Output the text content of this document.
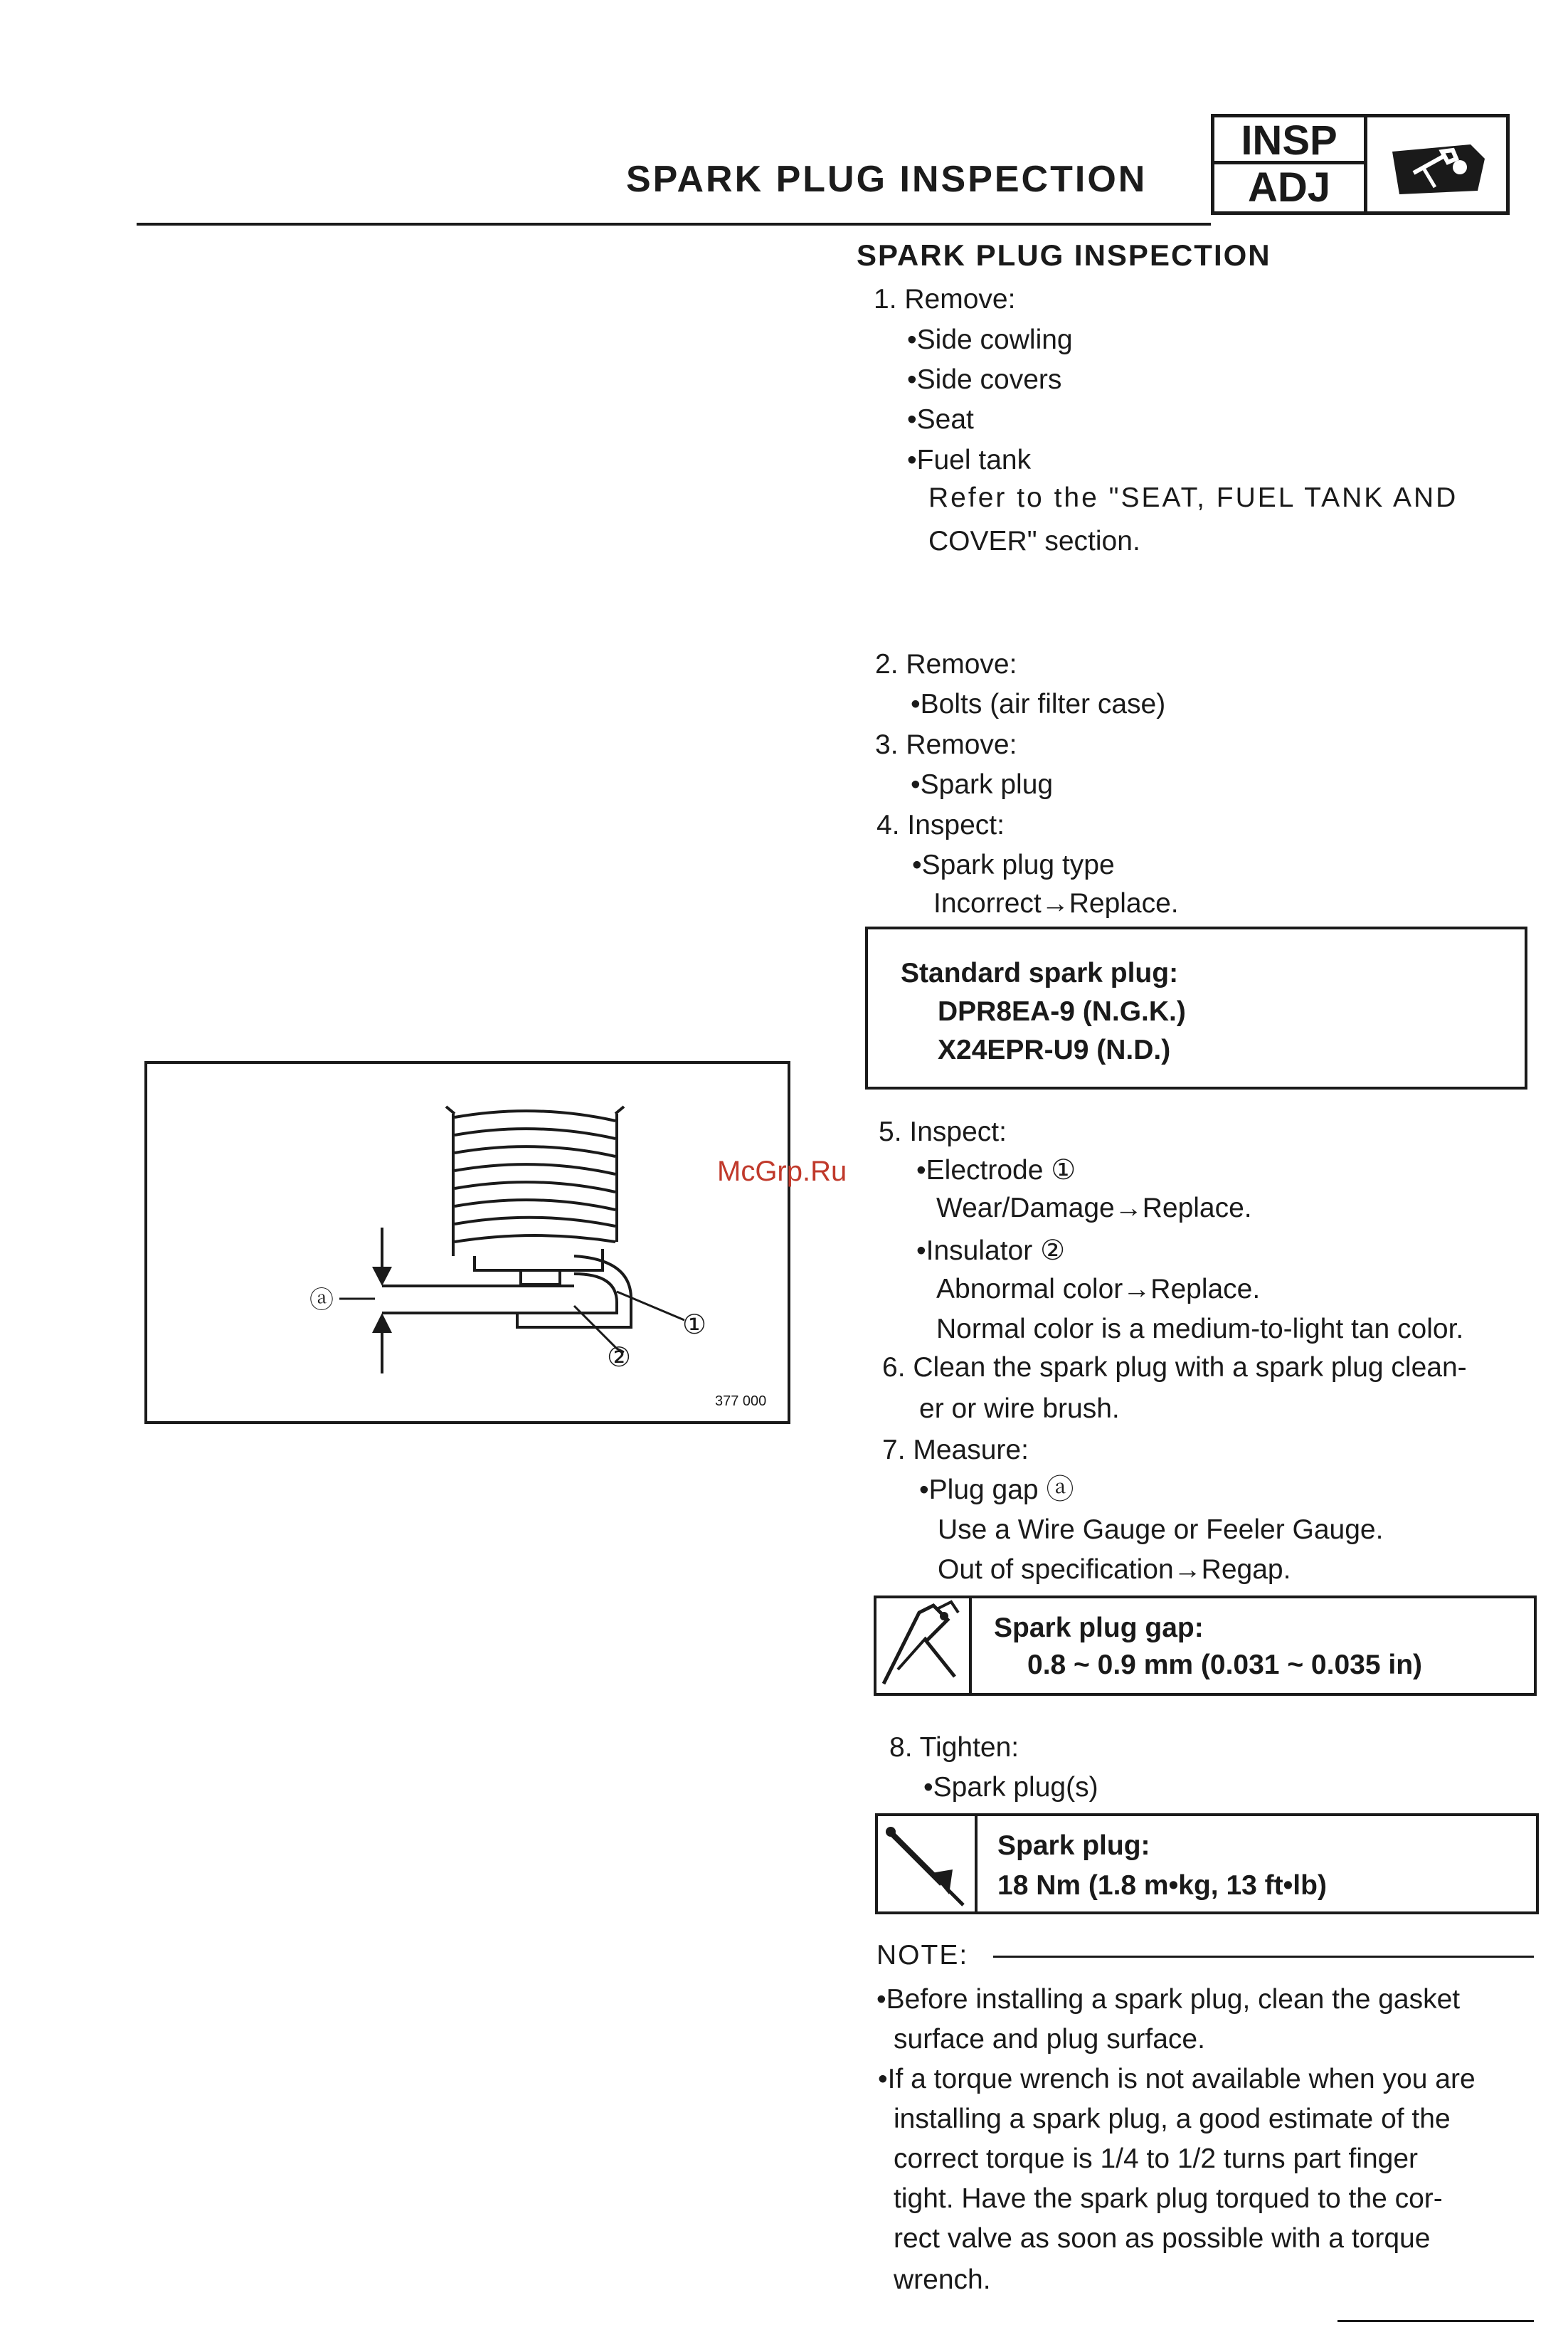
SPARK PLUG INSPECTION
INSP
ADJ
SPARK PLUG INSPECTION
1. Remove:
•Side cowling
•Side covers
•Seat
•Fuel tank
Refer to the "SEAT, FUEL TANK AND
COVER" section.
2. Remove:
•Bolts (air filter case)
3. Remove:
•Spark plug
4. Inspect:
•Spark plug type
Incorrect→Replace.
Standard spark plug:
DPR8EA-9 (N.G.K.)
X24EPR-U9 (N.D.)
5. Inspect:
•Electrode ①
Wear/Damage→Replace.
•Insulator ②
Abnormal color→Replace.
Normal color is a medium-to-light tan color.
6. Clean the spark plug with a spark plug clean-
er or wire brush.
7. Measure:
•Plug gap ⓐ
Use a Wire Gauge or Feeler Gauge.
Out of specification→Regap.
Spark plug gap:
0.8 ~ 0.9 mm (0.031 ~ 0.035 in)
8. Tighten:
•Spark plug(s)
Spark plug:
18 Nm (1.8 m•kg, 13 ft•lb)
NOTE:
•Before installing a spark plug, clean the gasket
surface and plug surface.
•If a torque wrench is not available when you are
installing a spark plug, a good estimate of the
correct torque is 1/4 to 1/2 turns part finger
tight. Have the spark plug torqued to the cor-
rect valve as soon as possible with a torque
wrench.
ⓐ
①
②
377 000
McGrp.Ru
